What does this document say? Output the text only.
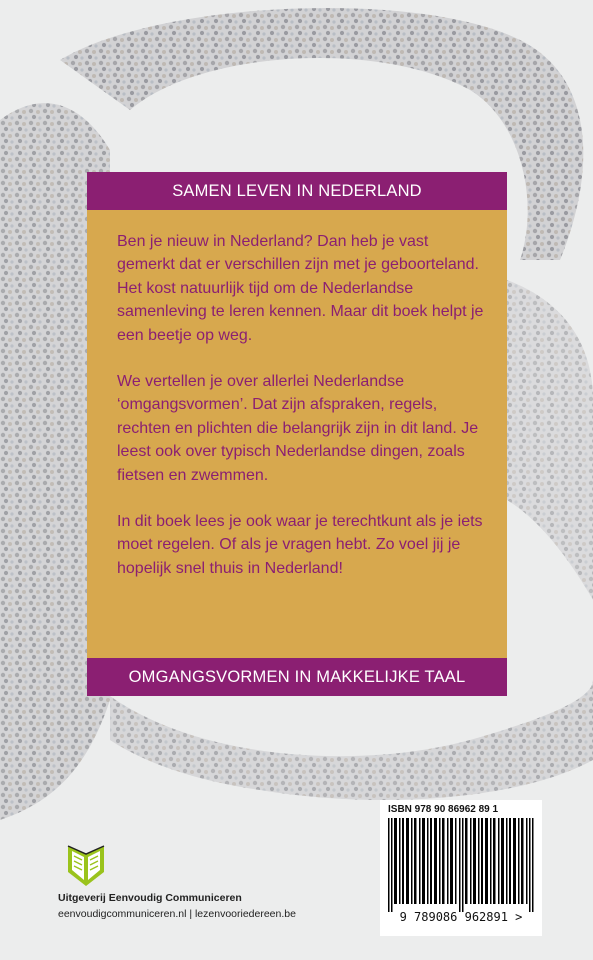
SAMEN LEVEN IN NEDERLAND

Ben je nieuw in Nederland? Dan heb je vast gemerkt dat er verschillen zijn met je geboorteland. Het kost natuurlijk tijd om de Nederlandse samenleving te leren kennen. Maar dit boek helpt je een beetje op weg.

We vertellen je over allerlei Nederlandse ‘omgangsvormen’. Dat zijn afspraken, regels, rechten en plichten die belangrijk zijn in dit land. Je leest ook over typisch Nederlandse dingen, zoals fietsen en zwemmen.

In dit boek lees je ook waar je terechtkunt als je iets moet regelen. Of als je vragen hebt. Zo voel jij je hopelijk snel thuis in Nederland!

OMGANGSVORMEN IN MAKKELIJKE TAAL
Uitgeverij Eenvoudig Communiceren
eenvoudigcommuniceren.nl | lezenvooriedereen.be
ISBN 978 90 86962 89 1
9 789086 962891 >
